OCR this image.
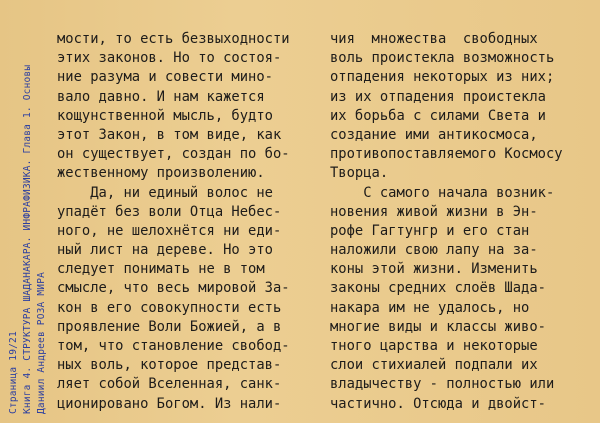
Страница 19/21 Книга 4. СТРУКТУРА ШАДАНАКАРА. ИНФРАФИЗИКА. Глава 1. Основы Даниил Андреев РОЗА МИРА
мости, то есть безвыходности
этих законов. Но то состоя-
ние разума и совести мино-
вало давно. И нам кажется
кощунственной мысль, будто
этот Закон, в том виде, как
он существует, создан по бо-
жественному произволению.
Да, ни единый волос не
упадёт без воли Отца Небес-
ного, не шелохнётся ни еди-
ный лист на дереве. Но это
следует понимать не в том
смысле, что весь мировой За-
кон в его совокупности есть
проявление Воли Божией, а в
том, что становление свобод-
ных воль, которое представ-
ляет собой Вселенная, санк-
ционировано Богом. Из нали-
чия  множества  свободных
воль проистекла возможность
отпадения некоторых из них;
из их отпадения проистекла
их борьба с силами Света и
создание ими антикосмоса,
противопоставляемого Космосу
Творца.
С самого начала возник-
новения живой жизни в Эн-
рофе Гагтунгр и его стан
наложили свою лапу на за-
коны этой жизни. Изменить
законы средних слоёв Шада-
накара им не удалось, но
многие виды и классы живо-
тного царства и некоторые
слои стихиалей подпали их
владычеству - полностью или
частично. Отсюда и двойст-
